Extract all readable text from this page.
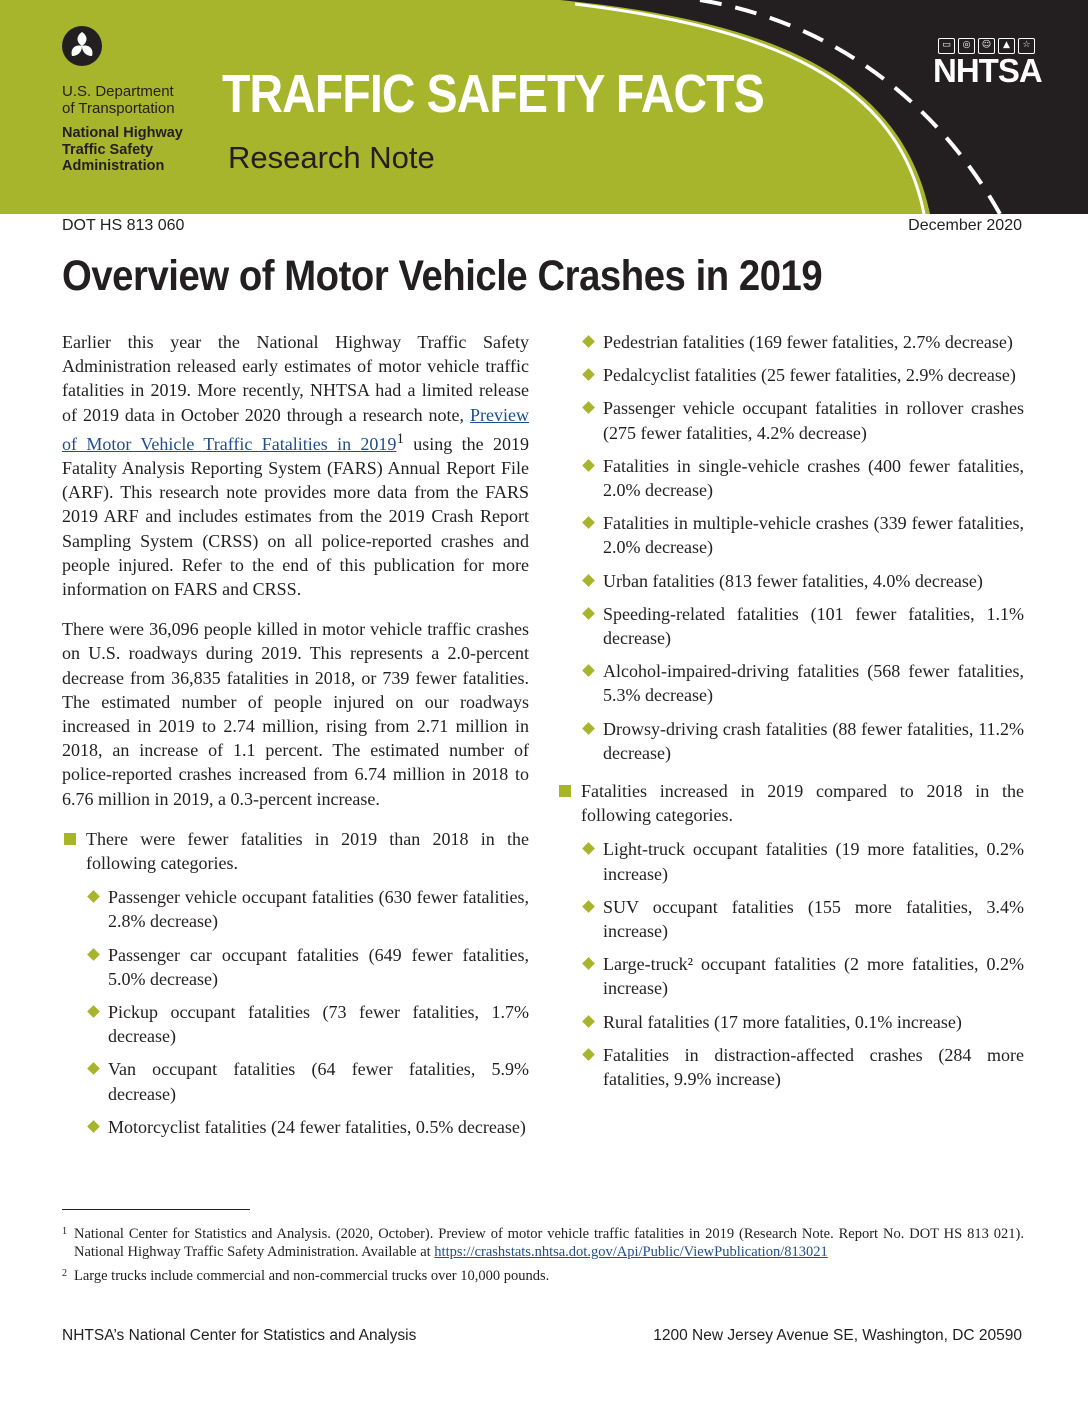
U.S. Department
of Transportation
National Highway
Traffic Safety
Administration
TRAFFIC SAFETY FACTS
Research Note
▭	◎	☺	▲	☆
NHTSA
DOT HS 813 060	December 2020
Overview of Motor Vehicle Crashes in 2019

Earlier this year the National Highway Traffic Safety Administration released early estimates of motor vehicle traffic fatalities in 2019. More recently, NHTSA had a limited release of 2019 data in October 2020 through a research note, Preview of Motor Vehicle Traffic Fatalities in 2019$^1$ using the 2019 Fatality Analysis Reporting System (FARS) Annual Report File (ARF). This research note provides more data from the FARS 2019 ARF and includes estimates from the 2019 Crash Report Sampling System (CRSS) on all police-reported crashes and people injured. Refer to the end of this publication for more information on FARS and CRSS.

There were 36,096 people killed in motor vehicle traffic crashes on U.S. roadways during 2019. This represents a 2.0-percent decrease from 36,835 fatalities in 2018, or 739 fewer fatalities. The estimated number of people injured on our roadways increased in 2019 to 2.74 million, rising from 2.71 million in 2018, an increase of 1.1 percent. The estimated number of police-reported crashes increased from 6.74 million in 2018 to 6.76 million in 2019, a 0.3-percent increase.

There were fewer fatalities in 2019 than 2018 in the following categories.
Passenger vehicle occupant fatalities (630 fewer fatalities, 2.8% decrease)
Passenger car occupant fatalities (649 fewer fatalities, 5.0% decrease)
Pickup occupant fatalities (73 fewer fatalities, 1.7% decrease)
Van occupant fatalities (64 fewer fatalities, 5.9% decrease)
Motorcyclist fatalities (24 fewer fatalities, 0.5% decrease)
Pedestrian fatalities (169 fewer fatalities, 2.7% decrease)
Pedalcyclist fatalities (25 fewer fatalities, 2.9% decrease)
Passenger vehicle occupant fatalities in rollover crashes (275 fewer fatalities, 4.2% decrease)
Fatalities in single-vehicle crashes (400 fewer fatalities, 2.0% decrease)
Fatalities in multiple-vehicle crashes (339 fewer fatalities, 2.0% decrease)
Urban fatalities (813 fewer fatalities, 4.0% decrease)
Speeding-related fatalities (101 fewer fatalities, 1.1% decrease)
Alcohol-impaired-driving fatalities (568 fewer fatalities, 5.3% decrease)
Drowsy-driving crash fatalities (88 fewer fatalities, 11.2% decrease)
Fatalities increased in 2019 compared to 2018 in the following categories.
Light-truck occupant fatalities (19 more fatalities, 0.2% increase)
SUV occupant fatalities (155 more fatalities, 3.4% increase)
Large-truck² occupant fatalities (2 more fatalities, 0.2% increase)
Rural fatalities (17 more fatalities, 0.1% increase)
Fatalities in distraction-affected crashes (284 more fatalities, 9.9% increase)
1 National Center for Statistics and Analysis. (2020, October). Preview of motor vehicle traffic fatalities in 2019 (Research Note. Report No. DOT HS 813 021). National Highway Traffic Safety Administration. Available at https://crashstats.nhtsa.dot.gov/Api/Public/ViewPublication/813021
2 Large trucks include commercial and non-commercial trucks over 10,000 pounds.
NHTSA’s National Center for Statistics and Analysis	1200 New Jersey Avenue SE, Washington, DC 20590
